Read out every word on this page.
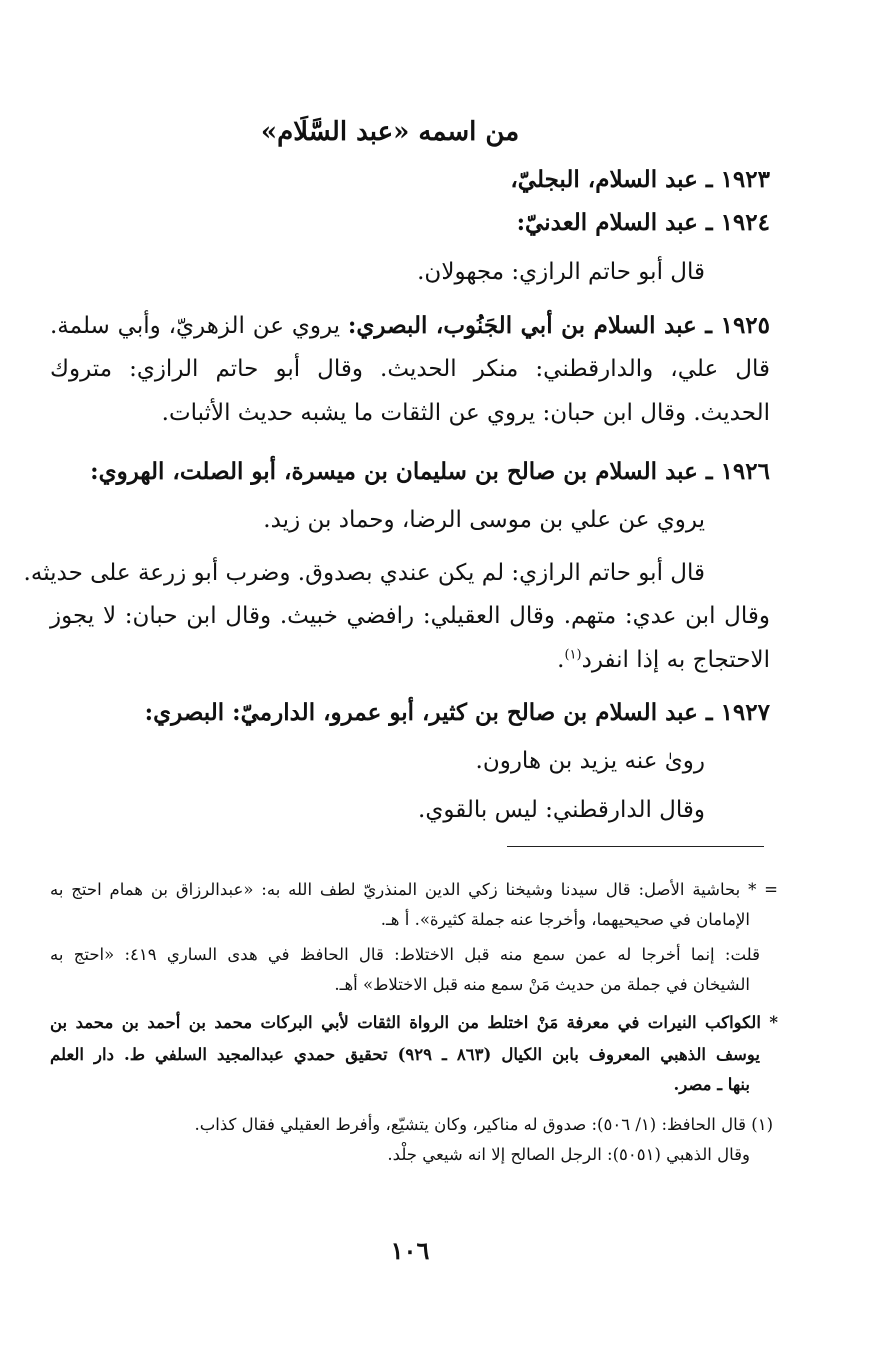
من اسمه «عبد السَّلَام»
١٩٢٣ ـ عبد السلام، البجليّ،
١٩٢٤ ـ عبد السلام العدنيّ:
قال أبو حاتم الرازي: مجهولان.
١٩٢٥ ـ عبد السلام بن أبي الجَنُوب، البصري: يروي عن الزهريّ، وأبي سلمة.
قال علي، والدارقطني: منكر الحديث. وقال أبو حاتم الرازي: متروك
الحديث. وقال ابن حبان: يروي عن الثقات ما يشبه حديث الأثبات.
١٩٢٦ ـ عبد السلام بن صالح بن سليمان بن ميسرة، أبو الصلت، الهروي:
يروي عن علي بن موسى الرضا، وحماد بن زيد.
قال أبو حاتم الرازي: لم يكن عندي بصدوق. وضرب أبو زرعة على حديثه.
وقال ابن عدي: متهم. وقال العقيلي: رافضي خبيث. وقال ابن حبان: لا يجوز
الاحتجاج به إذا انفرد$^{(١)}$.
١٩٢٧ ـ عبد السلام بن صالح بن كثير، أبو عمرو، الدارميّ: البصري:
روىٰ عنه يزيد بن هارون.
وقال الدارقطني: ليس بالقوي.
= * بحاشية الأصل: قال سيدنا وشيخنا زكي الدين المنذريّ لطف الله به: «عبدالرزاق بن همام احتج به
الإمامان في صحيحيهما، وأخرجا عنه جملة كثيرة». أ هـ.
قلت: إنما أخرجا له عمن سمع منه قبل الاختلاط: قال الحافظ في هدى الساري ٤١٩: «احتج به
الشيخان في جملة من حديث مَنْ سمع منه قبل الاختلاط» أهـ.
* الكواكب النيرات في معرفة مَنْ اختلط من الرواة الثقات لأبي البركات محمد بن أحمد بن محمد بن
يوسف الذهبي المعروف بابن الكيال (٨٦٣ ـ ٩٢٩) تحقيق حمدي عبدالمجيد السلفي ط. دار العلم
بنها ـ مصر.
(١) قال الحافظ: (١/ ٥٠٦): صدوق له مناكير، وكان يتشيّع، وأفرط العقيلي فقال كذاب.
وقال الذهبي (٥٠٥١): الرجل الصالح إلا انه شيعي جلْد.
١٠٦
